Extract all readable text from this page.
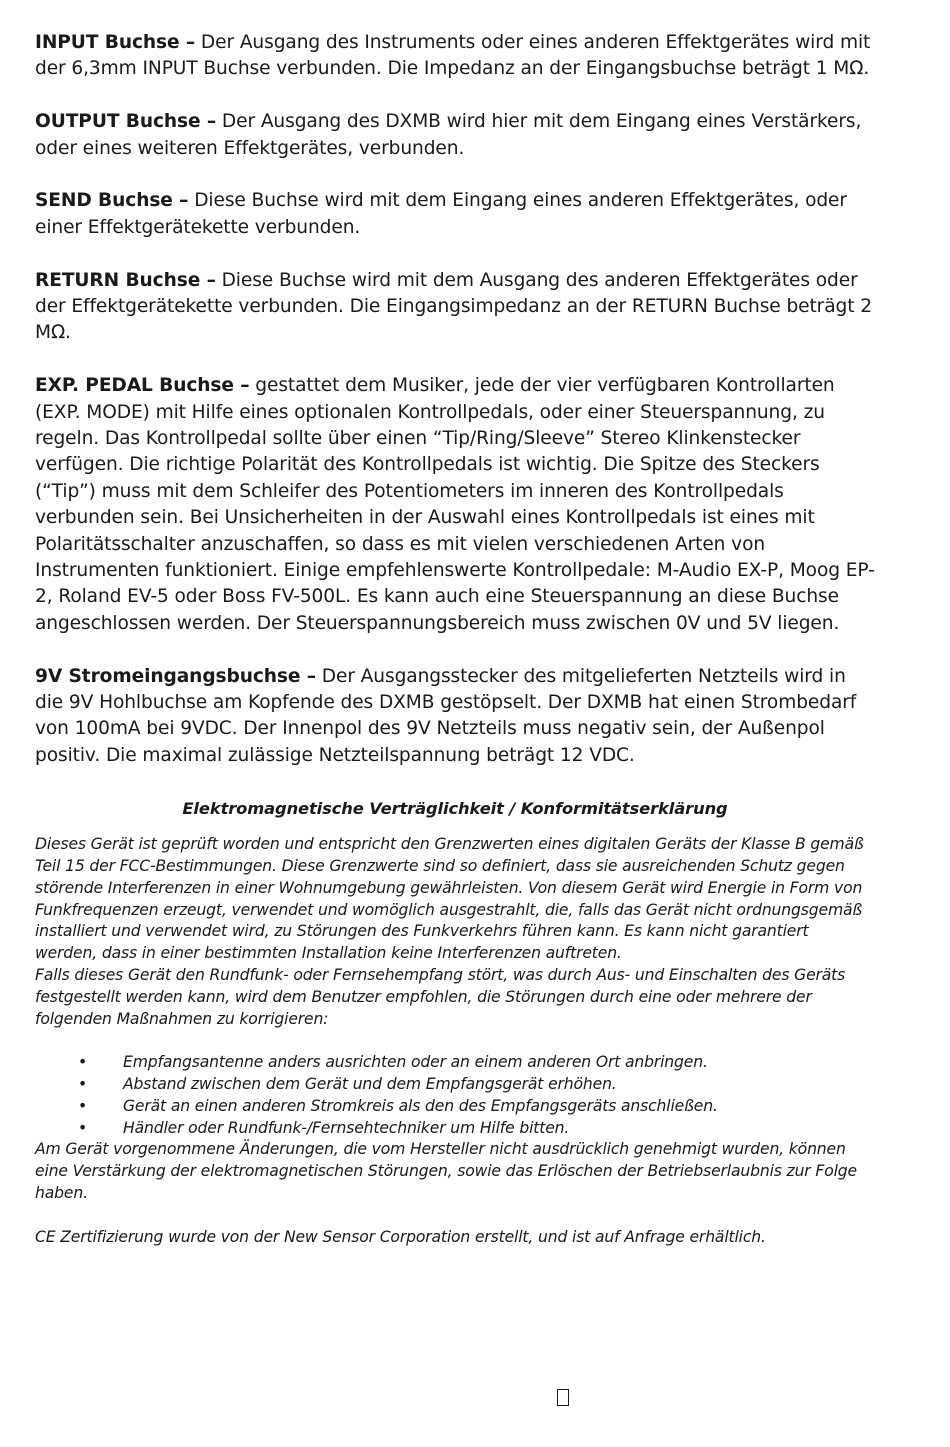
INPUT Buchse – Der Ausgang des Instruments oder eines anderen Effektgerätes wird mit der 6,3mm INPUT Buchse verbunden. Die Impedanz an der Eingangsbuchse beträgt 1 MΩ.

OUTPUT Buchse – Der Ausgang des DXMB wird hier mit dem Eingang eines Verstärkers, oder eines weiteren Effektgerätes, verbunden.

SEND Buchse – Diese Buchse wird mit dem Eingang eines anderen Effektgerätes, oder einer Effektgerätekette verbunden.

RETURN Buchse – Diese Buchse wird mit dem Ausgang des anderen Effektgerätes oder der Effektgerätekette verbunden. Die Eingangsimpedanz an der RETURN Buchse beträgt 2 MΩ.

EXP. PEDAL Buchse – gestattet dem Musiker, jede der vier verfügbaren Kontrollarten (EXP. MODE) mit Hilfe eines optionalen Kontrollpedals, oder einer Steuerspannung, zu regeln. Das Kontrollpedal sollte über einen “Tip/Ring/Sleeve” Stereo Klinkenstecker verfügen. Die richtige Polarität des Kontrollpedals ist wichtig. Die Spitze des Steckers (“Tip”) muss mit dem Schleifer des Potentiometers im inneren des Kontrollpedals verbunden sein. Bei Unsicherheiten in der Auswahl eines Kontrollpedals ist eines mit Polaritätsschalter anzuschaffen, so dass es mit vielen verschiedenen Arten von Instrumenten funktioniert. Einige empfehlenswerte Kontrollpedale: M-Audio EX-P, Moog EP-2, Roland EV-5 oder Boss FV-500L. Es kann auch eine Steuerspannung an diese Buchse angeschlossen werden. Der Steuerspannungsbereich muss zwischen 0V und 5V liegen.

9V Stromeingangsbuchse – Der Ausgangsstecker des mitgelieferten Netzteils wird in die 9V Hohlbuchse am Kopfende des DXMB gestöpselt. Der DXMB hat einen Strombedarf von 100mA bei 9VDC. Der Innenpol des 9V Netzteils muss negativ sein, der Außenpol positiv. Die maximal zulässige Netzteilspannung beträgt 12 VDC.

Elektromagnetische Verträglichkeit / Konformitätserklärung

Dieses Gerät ist geprüft worden und entspricht den Grenzwerten eines digitalen Geräts der Klasse B gemäß Teil 15 der FCC-Bestimmungen. Diese Grenzwerte sind so definiert, dass sie ausreichenden Schutz gegen störende Interferenzen in einer Wohnumgebung gewährleisten. Von diesem Gerät wird Energie in Form von Funkfrequenzen erzeugt, verwendet und womöglich ausgestrahlt, die, falls das Gerät nicht ordnungsgemäß installiert und verwendet wird, zu Störungen des Funkverkehrs führen kann. Es kann nicht garantiert werden, dass in einer bestimmten Installation keine Interferenzen auftreten.

Falls dieses Gerät den Rundfunk- oder Fernsehempfang stört, was durch Aus- und Einschalten des Geräts festgestellt werden kann, wird dem Benutzer empfohlen, die Störungen durch eine oder mehrere der folgenden Maßnahmen zu korrigieren:

• Empfangsantenne anders ausrichten oder an einem anderen Ort anbringen.
• Abstand zwischen dem Gerät und dem Empfangsgerät erhöhen.
• Gerät an einen anderen Stromkreis als den des Empfangsgeräts anschließen.
• Händler oder Rundfunk-/Fernsehtechniker um Hilfe bitten.

Am Gerät vorgenommene Änderungen, die vom Hersteller nicht ausdrücklich genehmigt wurden, können eine Verstärkung der elektromagnetischen Störungen, sowie das Erlöschen der Betriebserlaubnis zur Folge haben.

CE Zertifizierung wurde von der New Sensor Corporation erstellt, und ist auf Anfrage erhältlich.
